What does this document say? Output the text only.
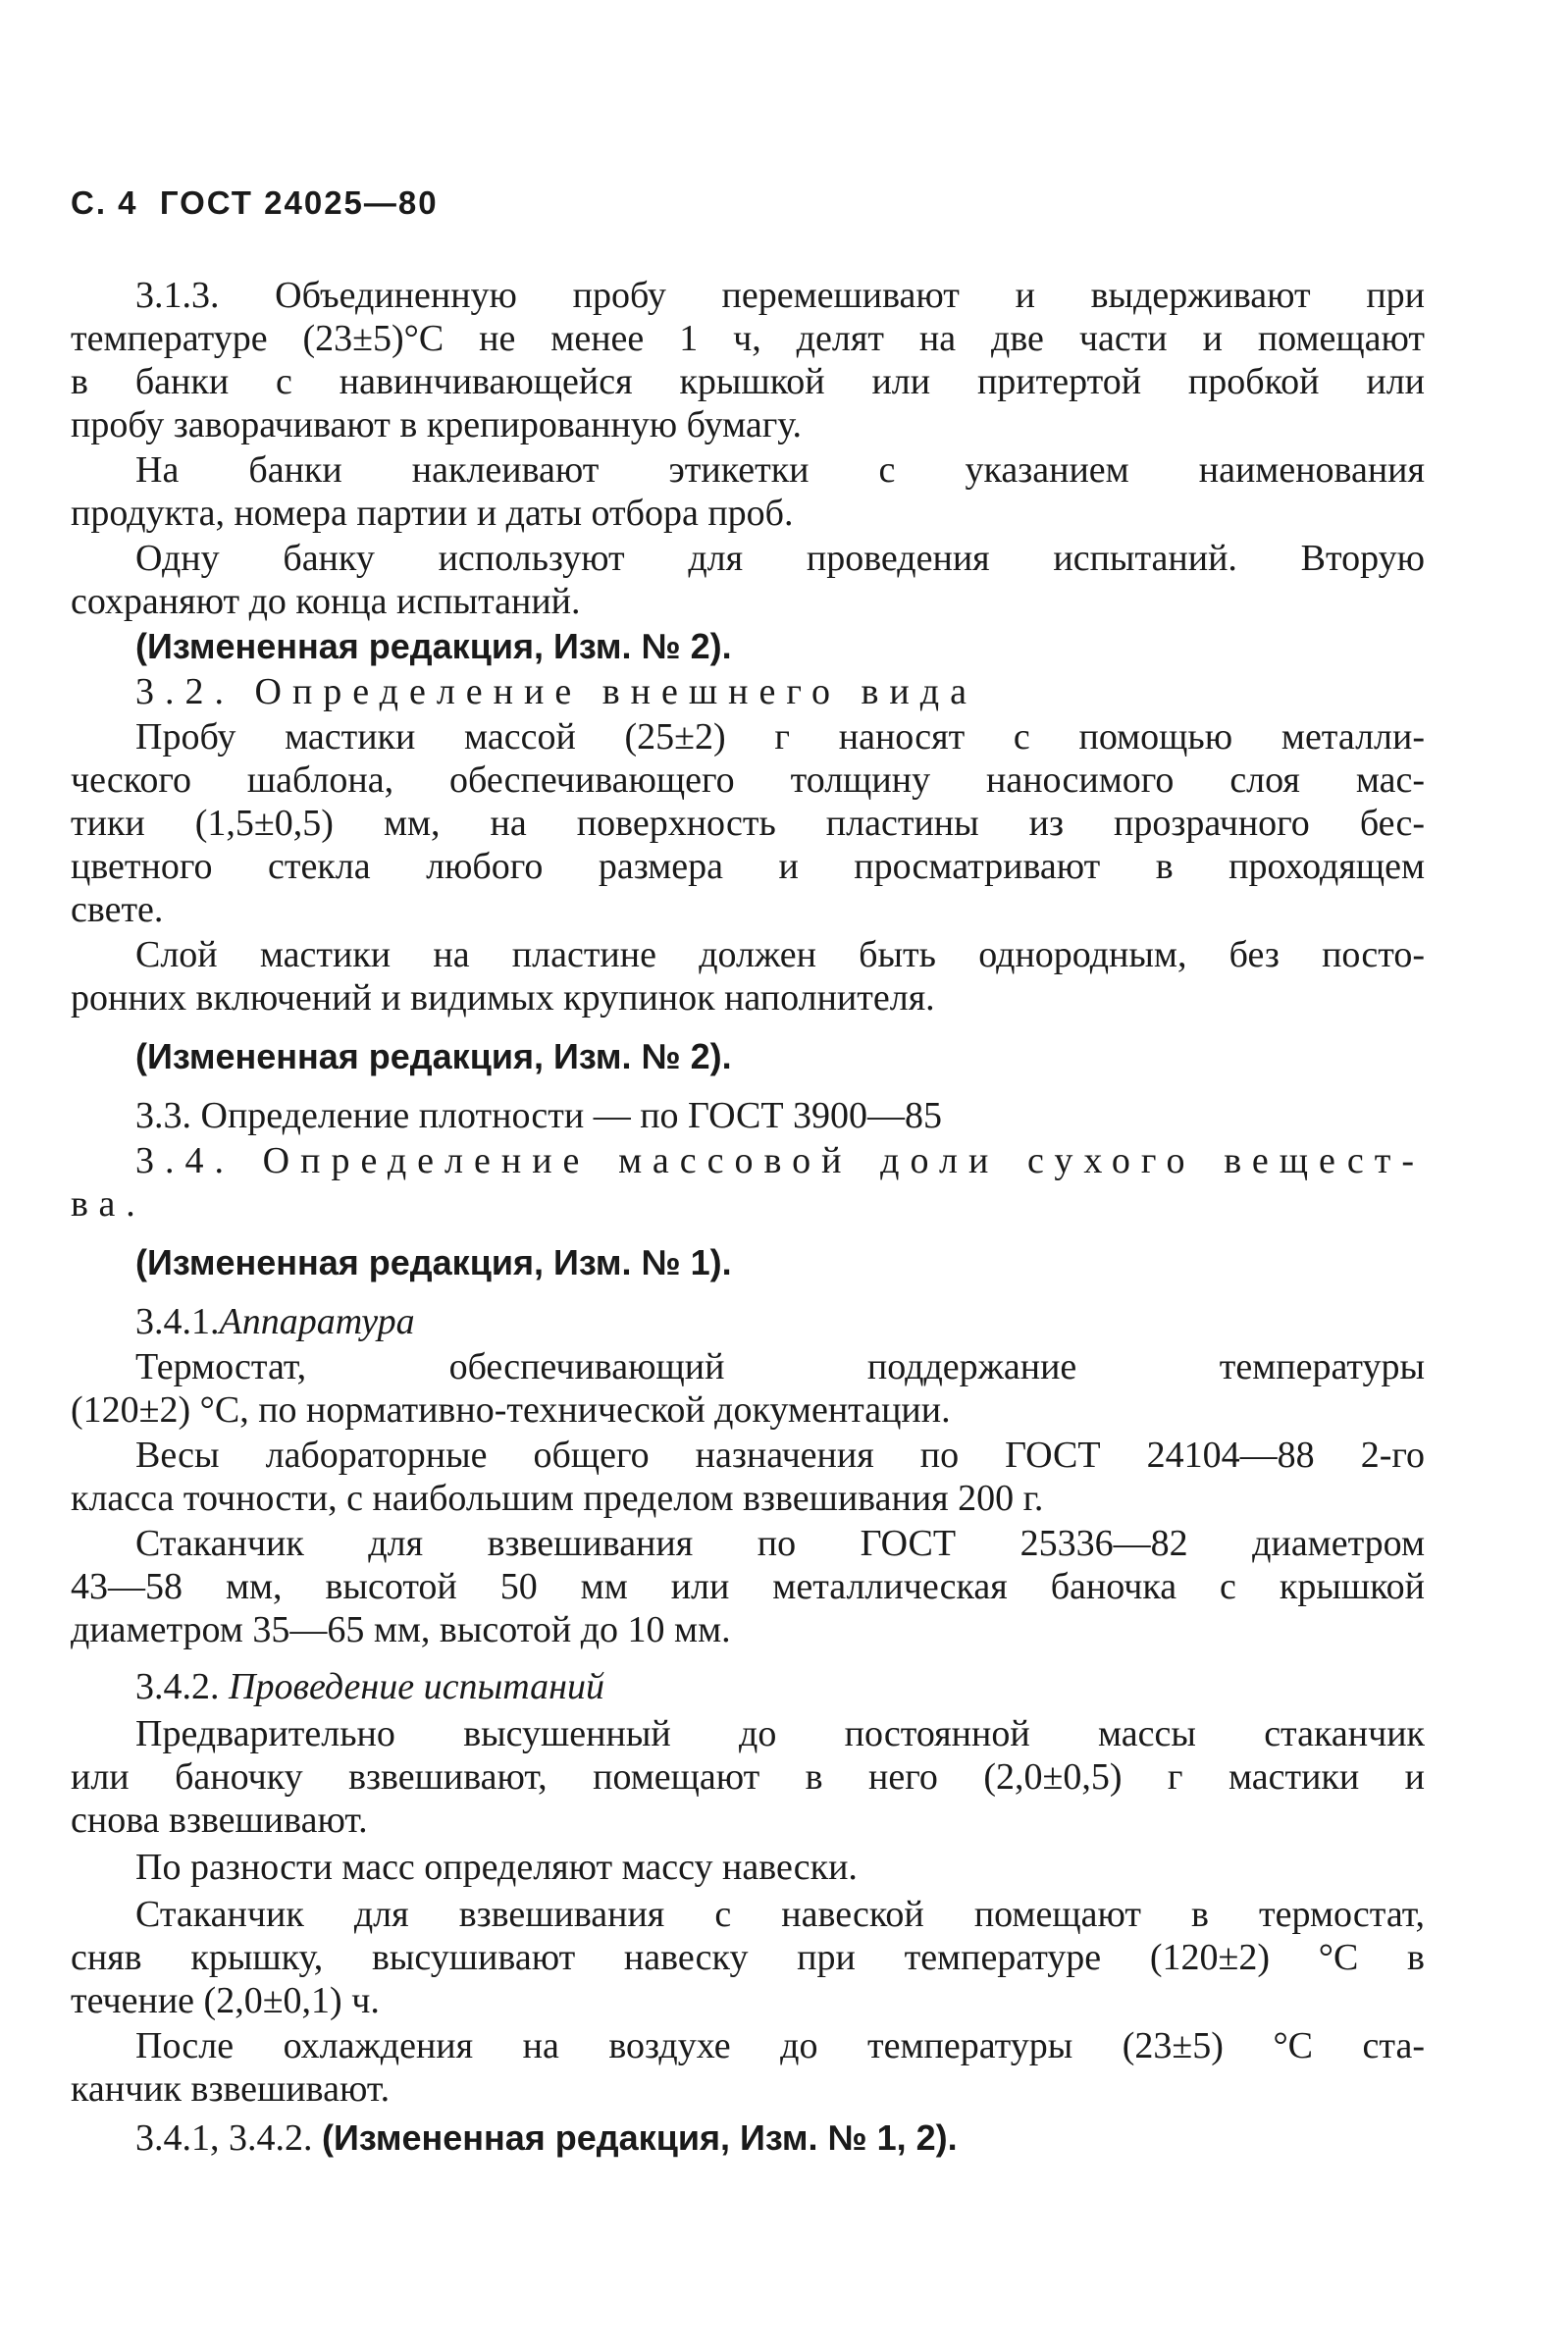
С. 4  ГОСТ 24025—80
3.1.3. Объединенную пробу перемешивают и выдерживают при
температуре (23±5)°С не менее 1 ч, делят на две части и помещают
в банки с навинчивающейся крышкой или притертой пробкой или
пробу заворачивают в крепированную бумагу.
На банки наклеивают этикетки с указанием наименования
продукта, номера партии и даты отбора проб.
Одну банку используют для проведения испытаний. Вторую
сохраняют до конца испытаний.
(Измененная редакция, Изм. № 2).
3.2. Определение внешнего вида
Пробу мастики массой (25±2) г наносят с помощью металли-
ческого шаблона, обеспечивающего толщину наносимого слоя мас-
тики (1,5±0,5) мм, на поверхность пластины из прозрачного бес-
цветного стекла любого размера и просматривают в проходящем
свете.
Слой мастики на пластине должен быть однородным, без посто-
ронних включений и видимых крупинок наполнителя.
(Измененная редакция, Изм. № 2).
3.3. Определение плотности — по ГОСТ 3900—85
3.4. Определение массовой доли сухого вещест-
ва.
(Измененная редакция, Изм. № 1).
3.4.1.Аппаратура
Термостат, обеспечивающий поддержание температуры
(120±2) °С, по нормативно-технической документации.
Весы лабораторные общего назначения по ГОСТ 24104—88 2-го
класса точности, с наибольшим пределом взвешивания 200 г.
Стаканчик для взвешивания по ГОСТ 25336—82 диаметром
43—58 мм, высотой 50 мм или металлическая баночка с крышкой
диаметром 35—65 мм, высотой до 10 мм.
3.4.2. Проведение испытаний
Предварительно высушенный до постоянной массы стаканчик
или баночку взвешивают, помещают в него (2,0±0,5) г мастики и
снова взвешивают.
По разности масс определяют массу навески.
Стаканчик для взвешивания с навеской помещают в термостат,
сняв крышку, высушивают навеску при температуре (120±2) °С в
течение (2,0±0,1) ч.
После охлаждения на воздухе до температуры (23±5) °С ста-
канчик взвешивают.
3.4.1, 3.4.2. (Измененная редакция, Изм. № 1, 2).
